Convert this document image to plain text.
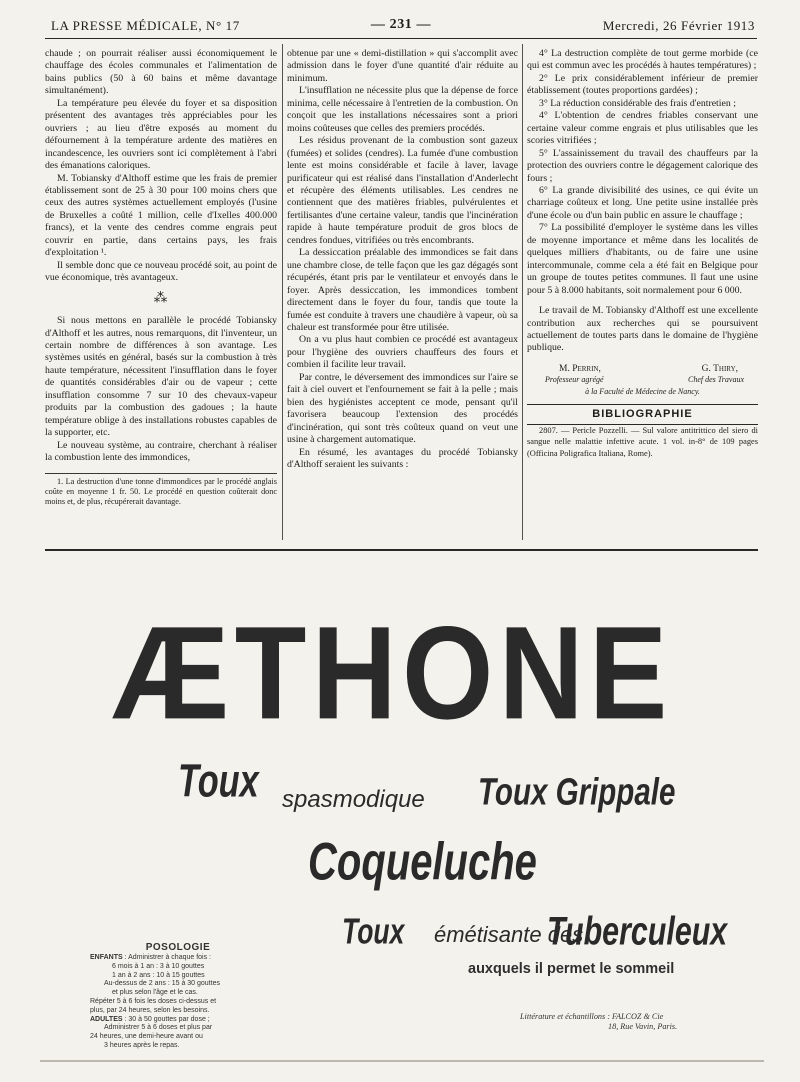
LA PRESSE MÉDICALE, N° 17	— 231 —	Mercredi, 26 Février 1913

chaude ; on pourrait réaliser aussi économiquement le chauffage des écoles communales et l'alimentation de bains publics (50 à 60 bains et même davantage simultanément).

La température peu élevée du foyer et sa disposition présentent des avantages très appréciables pour les ouvriers ; au lieu d'être exposés au moment du défournement à la température ardente des matières en incandescence, les ouvriers sont ici complètement à l'abri des émanations caloriques.

M. Tobiansky d'Althoff estime que les frais de premier établissement sont de 25 à 30 pour 100 moins chers que ceux des autres systèmes actuellement employés (l'usine de Bruxelles a coûté 1 million, celle d'Ixelles 400.000 francs), et la vente des cendres comme engrais peut couvrir en partie, dans certains pays, les frais d'exploitation ¹.

Il semble donc que ce nouveau procédé soit, au point de vue économique, très avantageux.

⁂

Si nous mettons en parallèle le procédé Tobiansky d'Althoff et les autres, nous remarquons, dit l'inventeur, un certain nombre de différences à son avantage. Les systèmes usités en général, basés sur la combustion à très haute température, nécessitent l'insufflation dans le foyer de quantités considérables d'air ou de vapeur ; cette insufflation consomme 7 sur 10 des chevaux-vapeur produits par la combustion des gadoues ; la haute température oblige à des installations robustes capables de la supporter, etc.

Le nouveau système, au contraire, cherchant à réaliser la combustion lente des immondices,

1. La destruction d'une tonne d'immondices par le procédé anglais coûte en moyenne 1 fr. 50. Le procédé en question coûterait donc moins et, de plus, récupérerait davantage.

obtenue par une « demi-distillation » qui s'accomplit avec admission dans le foyer d'une quantité d'air réduite au minimum.

L'insufflation ne nécessite plus que la dépense de force minima, celle nécessaire à l'entretien de la combustion. On conçoit que les installations nécessaires sont a priori moins coûteuses que celles des premiers procédés.

Les résidus provenant de la combustion sont gazeux (fumées) et solides (cendres). La fumée d'une combustion lente est moins considérable et facile à laver, lavage purificateur qui est réalisé dans l'installation d'Anderlecht et récupère des éléments utilisables. Les cendres ne contiennent que des matières friables, pulvérulentes et fertilisantes d'une certaine valeur, tandis que l'incinération rapide à haute température produit de gros blocs de cendres fondues, vitrifiées ou très encombrants.

La dessiccation préalable des immondices se fait dans une chambre close, de telle façon que les gaz dégagés sont récupérés, étant pris par le ventilateur et envoyés dans le foyer. Après dessiccation, les immondices tombent directement dans le foyer du four, tandis que toute la fumée est conduite à travers une chaudière à vapeur, où sa chaleur est transformée pour être utilisée.

On a vu plus haut combien ce procédé est avantageux pour l'hygiène des ouvriers chauffeurs des fours et combien il facilite leur travail.

Par contre, le déversement des immondices sur l'aire se fait à ciel ouvert et l'enfournement se fait à la pelle ; mais bien des hygiénistes acceptent ce mode, pensant qu'il favorisera beaucoup l'extension des procédés d'incinération, qui sont très coûteux quand on veut une usine à chargement automatique.

En résumé, les avantages du procédé Tobiansky d'Althoff seraient les suivants :

4° La destruction complète de tout germe morbide (ce qui est commun avec les procédés à hautes températures) ;

2° Le prix considérablement inférieur de premier établissement (toutes proportions gardées) ;

3° La réduction considérable des frais d'entretien ;

4° L'obtention de cendres friables conservant une certaine valeur comme engrais et plus utilisables que les scories vitrifiées ;

5° L'assainissement du travail des chauffeurs par la protection des ouvriers contre le dégagement calorique des fours ;

6° La grande divisibilité des usines, ce qui évite un charriage coûteux et long. Une petite usine installée près d'une école ou d'un bain public en assure le chauffage ;

7° La possibilité d'employer le système dans les villes de moyenne importance et même dans les localités de quelques milliers d'habitants, ou de faire une usine intercommunale, comme cela a été fait en Belgique pour un groupe de toutes petites communes. Il faut une usine pour 5 à 8.000 habitants, soit normalement pour 6 000.

Le travail de M. Tobiansky d'Althoff est une excellente contribution aux recherches qui se poursuivent actuellement de toutes parts dans le domaine de l'hygiène publique.

M. Perrin,	G. Thiry,
Professeur agrégé	Chef des Travaux
à la Faculté de Médecine de Nancy.
BIBLIOGRAPHIE

2807. — Pericle Pozzelli. — Sul valore antitrittico del siero di sangue nelle malattie infettive acute. 1 vol. in-8° de 109 pages (Officina Poligrafica Italiana, Rome).

ÆTHONE
Toux spasmodique Toux Grippale
Coqueluche
Toux émétisante des
Tuberculeux
auxquels il permet le sommeil
POSOLOGIE
ENFANTS : Administrer à chaque fois :
6 mois à 1 an : 3 à 10 gouttes
1 an à 2 ans : 10 à 15 gouttes
Au-dessus de 2 ans : 15 à 30 gouttes
et plus selon l'âge et le cas.
Répéter 5 à 6 fois les doses ci-dessus et
plus, par 24 heures, selon les besoins.
ADULTES : 30 à 50 gouttes par dose ;
Administrer 5 à 6 doses et plus par
24 heures, une demi-heure avant ou
3 heures après le repas.
Littérature et échantillons : FALCOZ & Cie
18, Rue Vavin, Paris.
